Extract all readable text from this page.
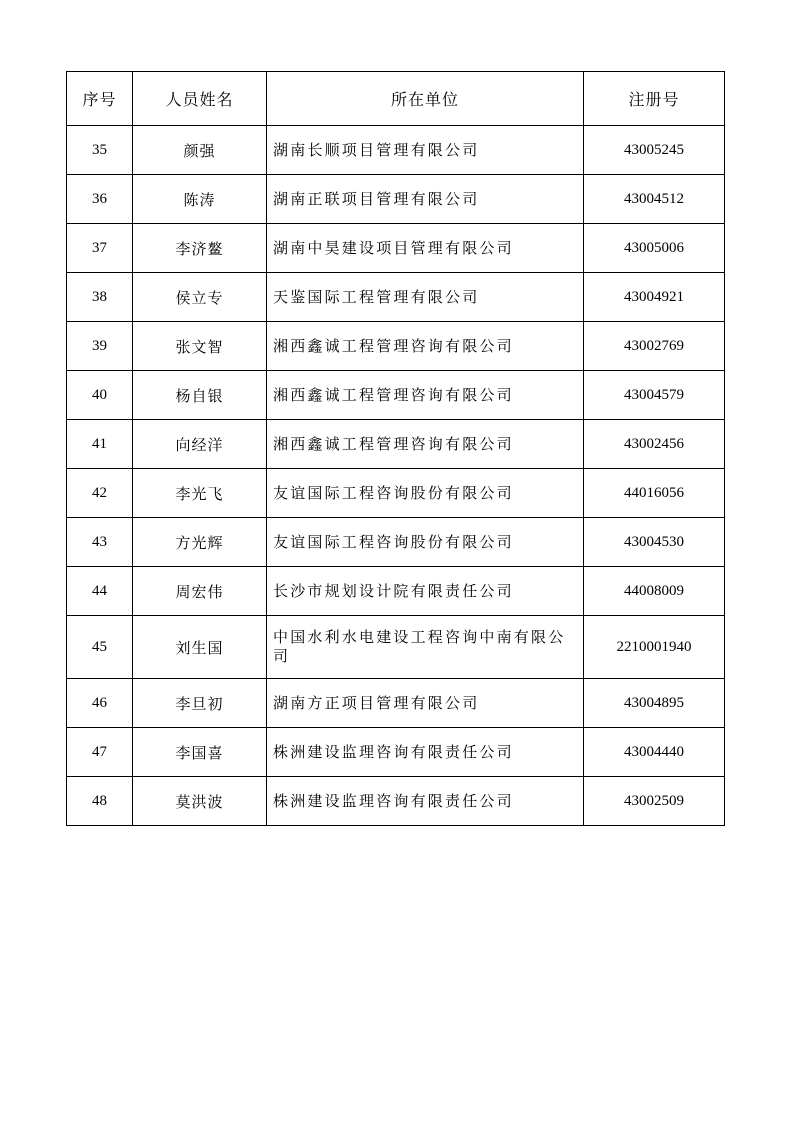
序号	人员姓名	所在单位	注册号
35	颜强	湖南长顺项目管理有限公司	43005245
36	陈涛	湖南正联项目管理有限公司	43004512
37	李济鳌	湖南中昊建设项目管理有限公司	43005006
38	侯立专	天鉴国际工程管理有限公司	43004921
39	张文智	湘西鑫诚工程管理咨询有限公司	43002769
40	杨自银	湘西鑫诚工程管理咨询有限公司	43004579
41	向经洋	湘西鑫诚工程管理咨询有限公司	43002456
42	李光飞	友谊国际工程咨询股份有限公司	44016056
43	方光辉	友谊国际工程咨询股份有限公司	43004530
44	周宏伟	长沙市规划设计院有限责任公司	44008009
45	刘生国	中国水利水电建设工程咨询中南有限公司	2210001940
46	李旦初	湖南方正项目管理有限公司	43004895
47	李国喜	株洲建设监理咨询有限责任公司	43004440
48	莫洪波	株洲建设监理咨询有限责任公司	43002509
